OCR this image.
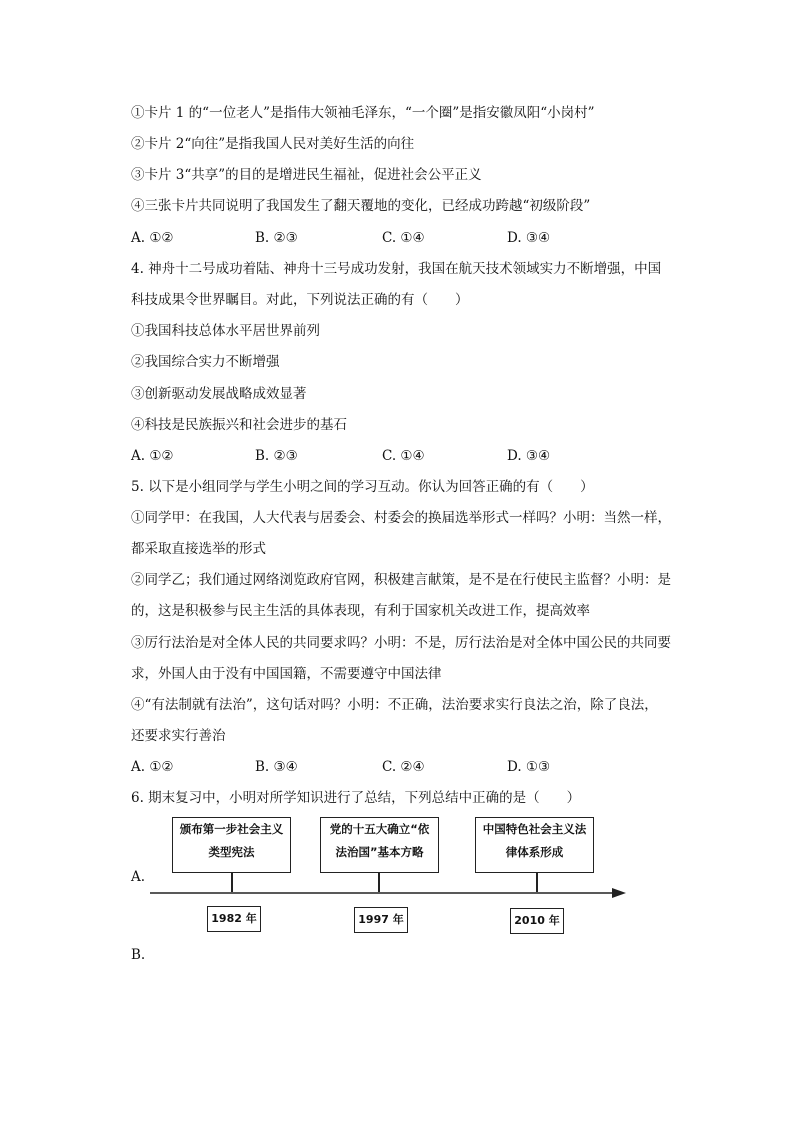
①卡片 1 的“一位老人”是指伟大领袖毛泽东，“一个圈”是指安徽凤阳“小岗村”
②卡片 2“向往”是指我国人民对美好生活的向往
③卡片 3“共享”的目的是增进民生福祉，促进社会公平正义
④三张卡片共同说明了我国发生了翻天覆地的变化，已经成功跨越“初级阶段”
A. ①②	B. ②③	C. ①④	D. ③④
4. 神舟十二号成功着陆、神舟十三号成功发射，我国在航天技术领域实力不断增强，中国
科技成果令世界瞩目。对此，下列说法正确的有（　　）
①我国科技总体水平居世界前列
②我国综合实力不断增强
③创新驱动发展战略成效显著
④科技是民族振兴和社会进步的基石
A. ①②	B. ②③	C. ①④	D. ③④
5. 以下是小组同学与学生小明之间的学习互动。你认为回答正确的有（　　）
①同学甲：在我国，人大代表与居委会、村委会的换届选举形式一样吗？小明：当然一样，
都采取直接选举的形式
②同学乙；我们通过网络浏览政府官网，积极建言献策，是不是在行使民主监督？小明：是
的，这是积极参与民主生活的具体表现，有利于国家机关改进工作，提高效率
③厉行法治是对全体人民的共同要求吗？小明：不是，厉行法治是对全体中国公民的共同要
求，外国人由于没有中国国籍，不需要遵守中国法律
④“有法制就有法治”，这句话对吗？小明：不正确，法治要求实行良法之治，除了良法，
还要求实行善治
A. ①②	B. ③④	C. ②④	D. ①③
6. 期末复习中，小明对所学知识进行了总结，下列总结中正确的是（　　）
颁布第一步社会主义
类型宪法
党的十五大确立“依
法治国”基本方略
中国特色社会主义法
律体系形成
1982 年	1997 年	2010 年
A.
B.
